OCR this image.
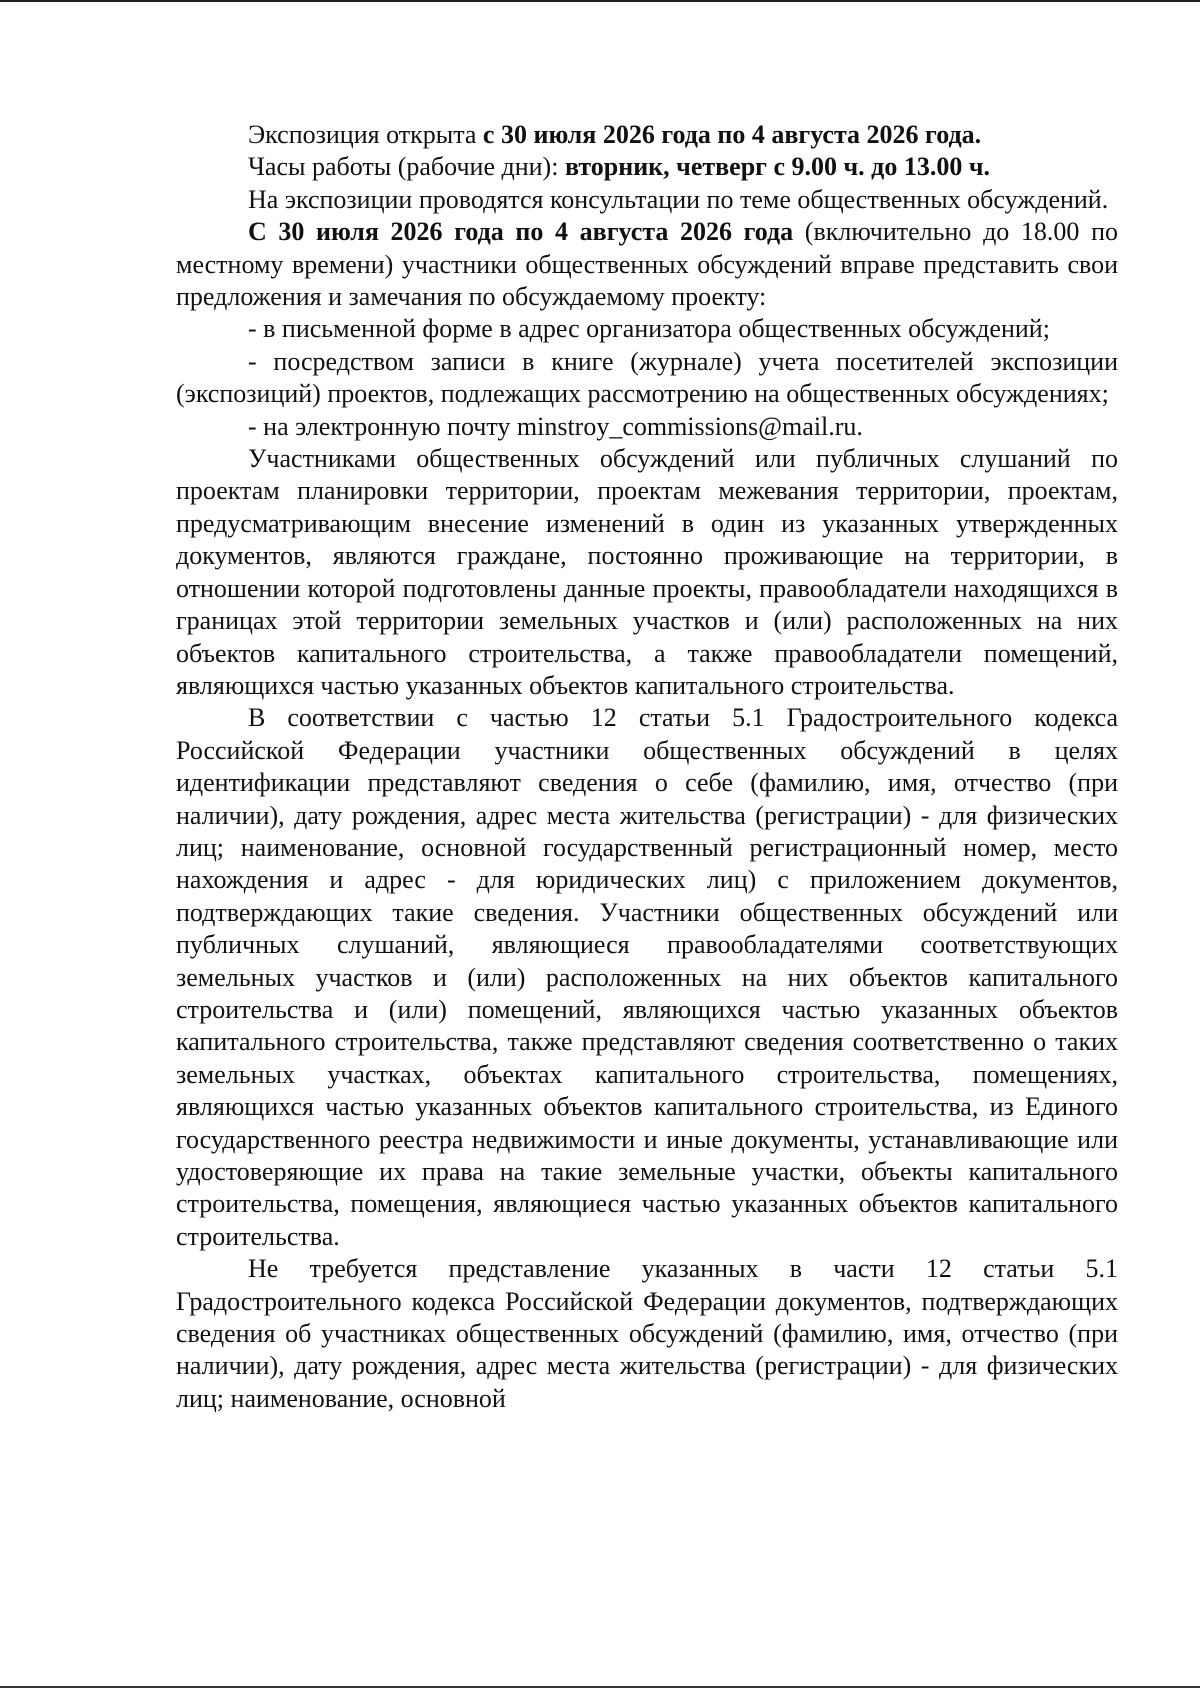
Экспозиция открыта с 30 июля 2026 года по 4 августа 2026 года.

Часы работы (рабочие дни): вторник, четверг с 9.00 ч. до 13.00 ч.

На экспозиции проводятся консультации по теме общественных обсуждений.

С 30 июля 2026 года по 4 августа 2026 года (включительно до 18.00 по местному времени) участники общественных обсуждений вправе представить свои предложения и замечания по обсуждаемому проекту:

- в письменной форме в адрес организатора общественных обсуждений;

- посредством записи в книге (журнале) учета посетителей экспозиции (экспозиций) проектов, подлежащих рассмотрению на общественных обсуждениях;

- на электронную почту minstroy_commissions@mail.ru.

Участниками общественных обсуждений или публичных слушаний по проектам планировки территории, проектам межевания территории, проектам, предусматривающим внесение изменений в один из указанных утвержденных документов, являются граждане, постоянно проживающие на территории, в отношении которой подготовлены данные проекты, правообладатели находящихся в границах этой территории земельных участков и (или) расположенных на них объектов капитального строительства, а также правообладатели помещений, являющихся частью указанных объектов капитального строительства.

В соответствии с частью 12 статьи 5.1 Градостроительного кодекса Российской Федерации участники общественных обсуждений в целях идентификации представляют сведения о себе (фамилию, имя, отчество (при наличии), дату рождения, адрес места жительства (регистрации) - для физических лиц; наименование, основной государственный регистрационный номер, место нахождения и адрес - для юридических лиц) с приложением документов, подтверждающих такие сведения. Участники общественных обсуждений или публичных слушаний, являющиеся правообладателями соответствующих земельных участков и (или) расположенных на них объектов капитального строительства и (или) помещений, являющихся частью указанных объектов капитального строительства, также представляют сведения соответственно о таких земельных участках, объектах капитального строительства, помещениях, являющихся частью указанных объектов капитального строительства, из Единого государственного реестра недвижимости и иные документы, устанавливающие или удостоверяющие их права на такие земельные участки, объекты капитального строительства, помещения, являющиеся частью указанных объектов капитального строительства.

Не требуется представление указанных в части 12 статьи 5.1 Градостроительного кодекса Российской Федерации документов, подтверждающих сведения об участниках общественных обсуждений (фамилию, имя, отчество (при наличии), дату рождения, адрес места жительства (регистрации) - для физических лиц; наименование, основной
